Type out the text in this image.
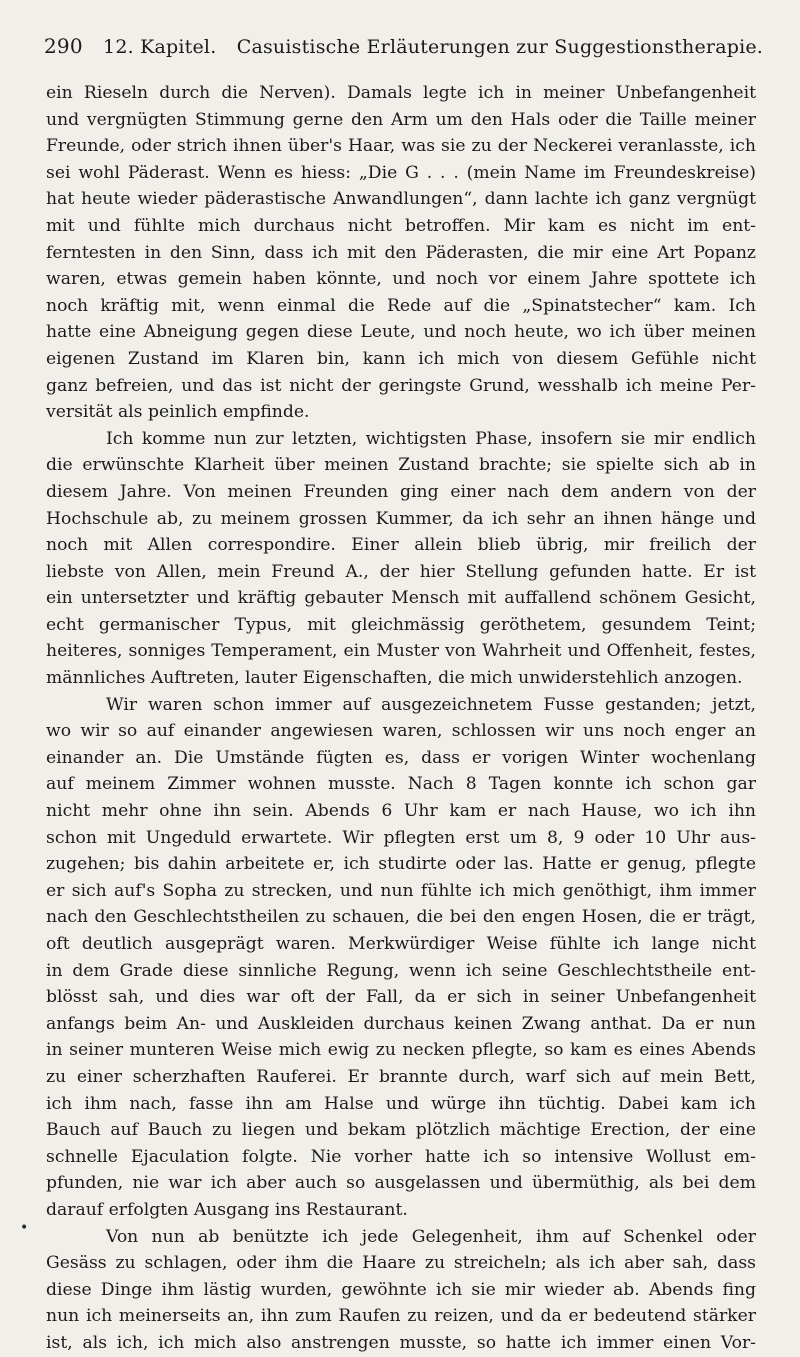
290 12. Kapitel. Casuistische Erläuterungen zur Suggestionstherapie.
ein Rieseln durch die Nerven). Damals legte ich in meiner Unbefangenheit
und vergnügten Stimmung gerne den Arm um den Hals oder die Taille meiner
Freunde, oder strich ihnen über's Haar, was sie zu der Neckerei veranlasste, ich
sei wohl Päderast. Wenn es hiess: „Die G . . . (mein Name im Freundeskreise)
hat heute wieder päderastische Anwandlungen“, dann lachte ich ganz vergnügt
mit und fühlte mich durchaus nicht betroffen. Mir kam es nicht im ent-
ferntesten in den Sinn, dass ich mit den Päderasten, die mir eine Art Popanz
waren, etwas gemein haben könnte, und noch vor einem Jahre spottete ich
noch kräftig mit, wenn einmal die Rede auf die „Spinatstecher“ kam. Ich
hatte eine Abneigung gegen diese Leute, und noch heute, wo ich über meinen
eigenen Zustand im Klaren bin, kann ich mich von diesem Gefühle nicht
ganz befreien, und das ist nicht der geringste Grund, wesshalb ich meine Per-
versität als peinlich empfinde.
Ich komme nun zur letzten, wichtigsten Phase, insofern sie mir endlich
die erwünschte Klarheit über meinen Zustand brachte; sie spielte sich ab in
diesem Jahre. Von meinen Freunden ging einer nach dem andern von der
Hochschule ab, zu meinem grossen Kummer, da ich sehr an ihnen hänge und
noch mit Allen correspondire. Einer allein blieb übrig, mir freilich der
liebste von Allen, mein Freund A., der hier Stellung gefunden hatte. Er ist
ein untersetzter und kräftig gebauter Mensch mit auffallend schönem Gesicht,
echt germanischer Typus, mit gleichmässig geröthetem, gesundem Teint;
heiteres, sonniges Temperament, ein Muster von Wahrheit und Offenheit, festes,
männliches Auftreten, lauter Eigenschaften, die mich unwiderstehlich anzogen.
Wir waren schon immer auf ausgezeichnetem Fusse gestanden; jetzt,
wo wir so auf einander angewiesen waren, schlossen wir uns noch enger an
einander an. Die Umstände fügten es, dass er vorigen Winter wochenlang
auf meinem Zimmer wohnen musste. Nach 8 Tagen konnte ich schon gar
nicht mehr ohne ihn sein. Abends 6 Uhr kam er nach Hause, wo ich ihn
schon mit Ungeduld erwartete. Wir pflegten erst um 8, 9 oder 10 Uhr aus-
zugehen; bis dahin arbeitete er, ich studirte oder las. Hatte er genug, pflegte
er sich auf's Sopha zu strecken, und nun fühlte ich mich genöthigt, ihm immer
nach den Geschlechtstheilen zu schauen, die bei den engen Hosen, die er trägt,
oft deutlich ausgeprägt waren. Merkwürdiger Weise fühlte ich lange nicht
in dem Grade diese sinnliche Regung, wenn ich seine Geschlechtstheile ent-
blösst sah, und dies war oft der Fall, da er sich in seiner Unbefangenheit
anfangs beim An- und Auskleiden durchaus keinen Zwang anthat. Da er nun
in seiner munteren Weise mich ewig zu necken pflegte, so kam es eines Abends
zu einer scherzhaften Rauferei. Er brannte durch, warf sich auf mein Bett,
ich ihm nach, fasse ihn am Halse und würge ihn tüchtig. Dabei kam ich
Bauch auf Bauch zu liegen und bekam plötzlich mächtige Erection, der eine
schnelle Ejaculation folgte. Nie vorher hatte ich so intensive Wollust em-
pfunden, nie war ich aber auch so ausgelassen und übermüthig, als bei dem
darauf erfolgten Ausgang ins Restaurant.
Von nun ab benützte ich jede Gelegenheit, ihm auf Schenkel oder
Gesäss zu schlagen, oder ihm die Haare zu streicheln; als ich aber sah, dass
diese Dinge ihm lästig wurden, gewöhnte ich sie mir wieder ab. Abends fing
nun ich meinerseits an, ihn zum Raufen zu reizen, und da er bedeutend stärker
ist, als ich, ich mich also anstrengen musste, so hatte ich immer einen Vor-
•
